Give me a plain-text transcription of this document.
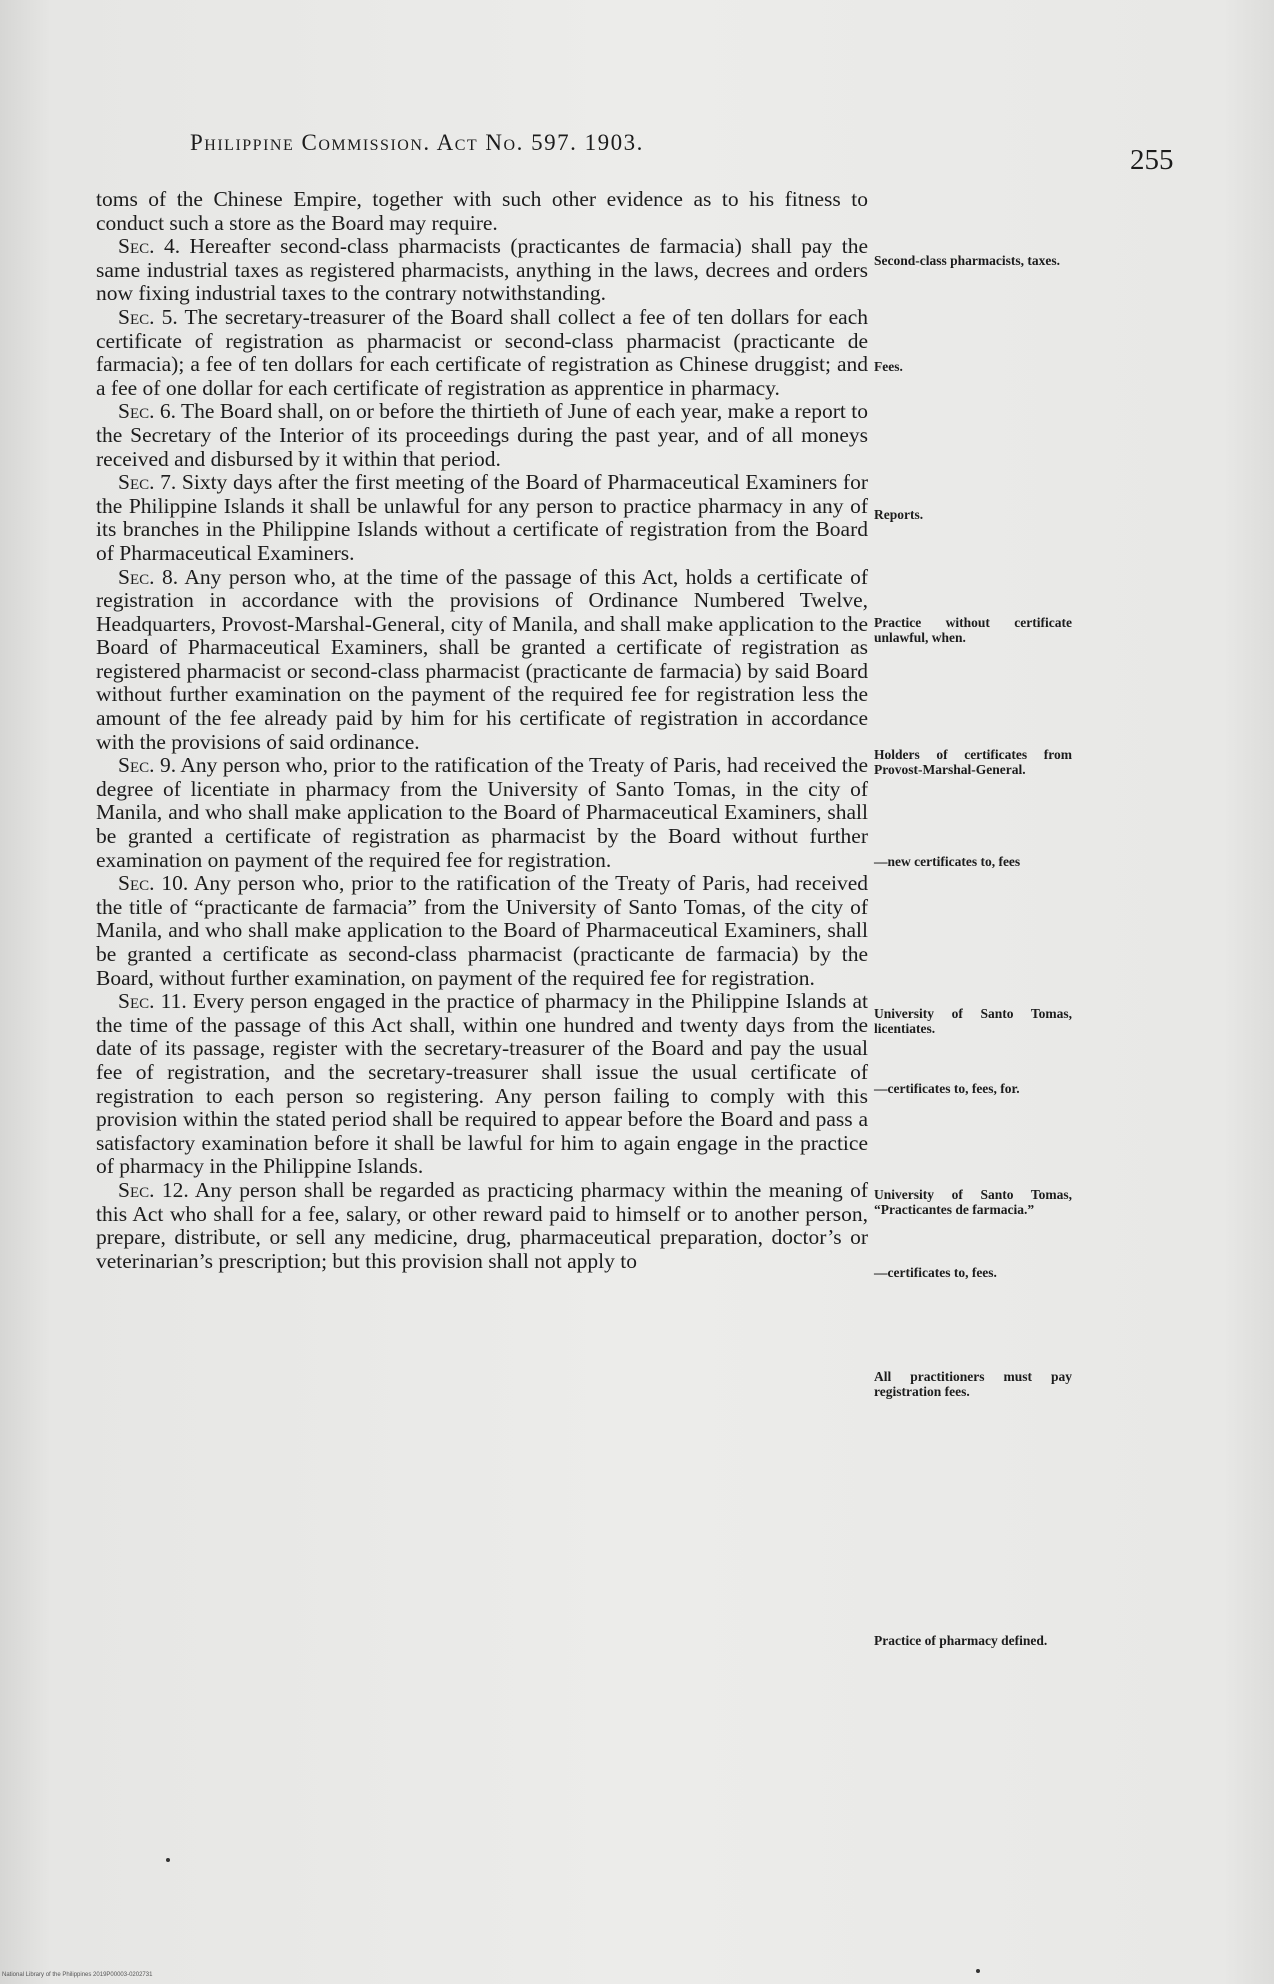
Philippine Commission. Act No. 597. 1903.
255

toms of the Chinese Empire, together with such other evidence as to his fitness to conduct such a store as the Board may require.

Sec. 4. Hereafter second-class pharmacists (practicantes de farmacia) shall pay the same industrial taxes as registered pharmacists, anything in the laws, decrees and orders now fixing industrial taxes to the contrary notwithstanding.

Sec. 5. The secretary-treasurer of the Board shall collect a fee of ten dollars for each certificate of registration as pharmacist or second-class pharmacist (practicante de farmacia); a fee of ten dollars for each certificate of registration as Chinese druggist; and a fee of one dollar for each certificate of registration as apprentice in pharmacy.

Sec. 6. The Board shall, on or before the thirtieth of June of each year, make a report to the Secretary of the Interior of its proceedings during the past year, and of all moneys received and disbursed by it within that period.

Sec. 7. Sixty days after the first meeting of the Board of Pharmaceutical Examiners for the Philippine Islands it shall be unlawful for any person to practice pharmacy in any of its branches in the Philippine Islands without a certificate of registration from the Board of Pharmaceutical Examiners.

Sec. 8. Any person who, at the time of the passage of this Act, holds a certificate of registration in accordance with the provisions of Ordinance Numbered Twelve, Headquarters, Provost-Marshal-General, city of Manila, and shall make application to the Board of Pharmaceutical Examiners, shall be granted a certificate of registration as registered pharmacist or second-class pharmacist (practicante de farmacia) by said Board without further examination on the payment of the required fee for registration less the amount of the fee already paid by him for his certificate of registration in accordance with the provisions of said ordinance.

Sec. 9. Any person who, prior to the ratification of the Treaty of Paris, had received the degree of licentiate in pharmacy from the University of Santo Tomas, in the city of Manila, and who shall make application to the Board of Pharmaceutical Examiners, shall be granted a certificate of registration as pharmacist by the Board without further examination on payment of the required fee for registration.

Sec. 10. Any person who, prior to the ratification of the Treaty of Paris, had received the title of “practicante de farmacia” from the University of Santo Tomas, of the city of Manila, and who shall make application to the Board of Pharmaceutical Examiners, shall be granted a certificate as second-class pharmacist (practicante de farmacia) by the Board, without further examination, on payment of the required fee for registration.

Sec. 11. Every person engaged in the practice of pharmacy in the Philippine Islands at the time of the passage of this Act shall, within one hundred and twenty days from the date of its passage, register with the secretary-treasurer of the Board and pay the usual fee of registration, and the secretary-treasurer shall issue the usual certificate of registration to each person so registering. Any person failing to comply with this provision within the stated period shall be required to appear before the Board and pass a satisfactory examination before it shall be lawful for him to again engage in the practice of pharmacy in the Philippine Islands.

Sec. 12. Any person shall be regarded as practicing pharmacy within the meaning of this Act who shall for a fee, salary, or other reward paid to himself or to another person, prepare, distribute, or sell any medicine, drug, pharmaceutical preparation, doctor’s or veterinarian’s prescription; but this provision shall not apply to

Second-class pharmacists, taxes.
Fees.
Reports.
Practice without certificate unlawful, when.
Holders of certificates from Provost-Marshal-General.
—new certificates to, fees
University of Santo Tomas, licentiates.
—certificates to, fees, for.
University of Santo Tomas, “Practicantes de farmacia.”
—certificates to, fees.
All practitioners must pay registration fees.
Practice of pharmacy defined.
National Library of the Philippines 2019P00003-0202731
